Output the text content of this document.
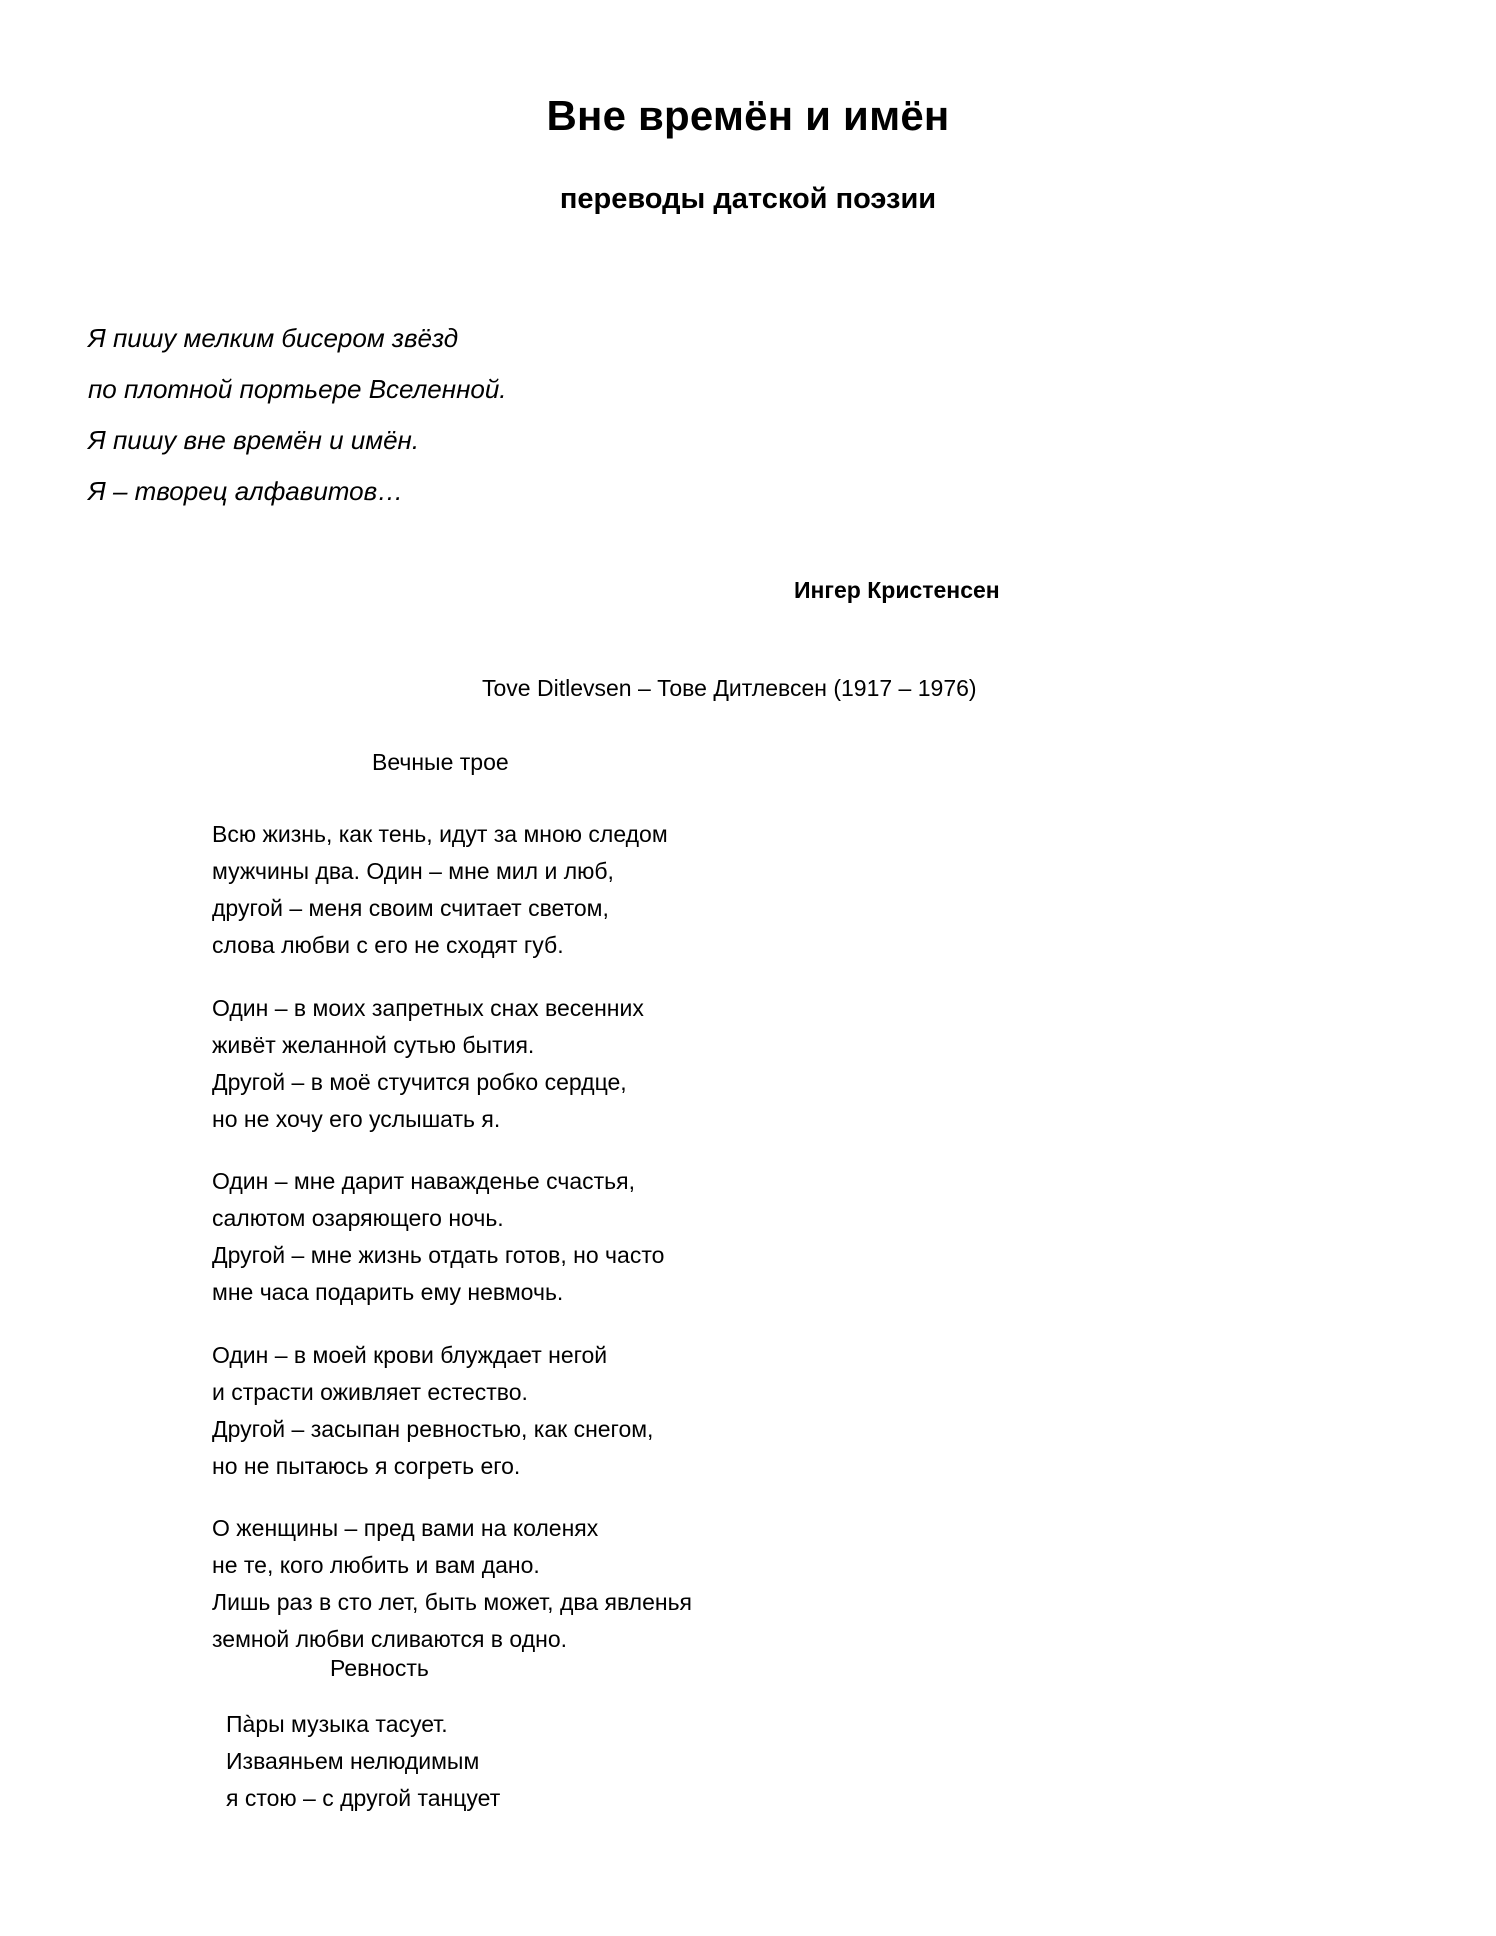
Вне времён и имён
переводы датской поэзии
Я пишу мелким бисером звёзд
по плотной портьере Вселенной.
Я пишу вне времён и имён.
Я – творец алфавитов…
Ингер Кристенсен
Tove Ditlevsen – Тове Дитлевсен (1917 – 1976)
Вечные трое
Всю жизнь, как тень, идут за мною следом
мужчины два. Один – мне мил и люб,
другой – меня своим считает светом,
слова любви с его не сходят губ.
Один – в моих запретных снах весенних
живёт желанной сутью бытия.
Другой – в моё стучится робко сердце,
но не хочу его услышать я.
Один – мне дарит наважденье счастья,
салютом озаряющего ночь.
Другой – мне жизнь отдать готов, но часто
мне часа подарить ему невмочь.
Один – в моей крови блуждает негой
и страсти оживляет естество.
Другой – засыпан ревностью, как снегом,
но не пытаюсь я согреть его.
О женщины – пред вами на коленях
не те, кого любить и вам дано.
Лишь раз в сто лет, быть может, два явленья
земной любви сливаются в одно.
Ревность
Пàры музыка тасует.
Изваяньем нелюдимым
я стою – с другой танцует
